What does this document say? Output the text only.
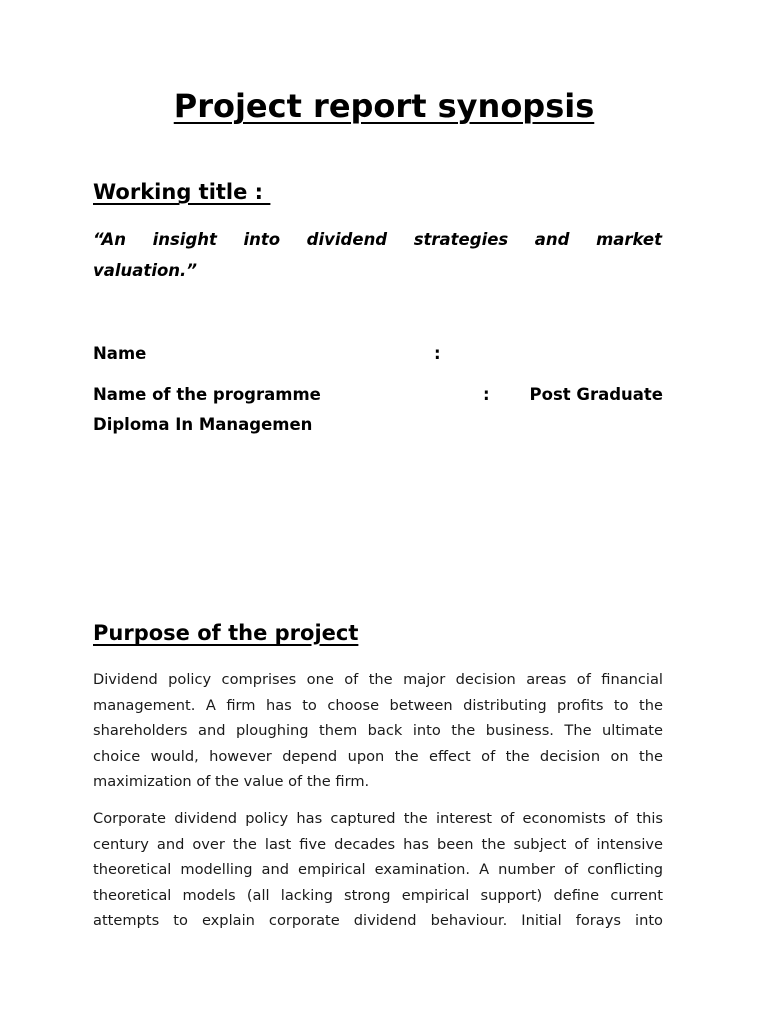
Project report synopsis
Working title :

“An insight into dividend strategies and market
valuation.”

Name	:
Name of the programme	: Post Graduate
Diploma In Managemen
Purpose of the project

Dividend policy comprises one of the major decision areas of financial
management. A firm has to choose between distributing profits to the
shareholders and ploughing them back into the business. The ultimate
choice would, however depend upon the effect of the decision on the
maximization of the value of the firm.

Corporate dividend policy has captured the interest of economists of this
century and over the last five decades has been the subject of intensive
theoretical modelling and empirical examination. A number of conflicting
theoretical models (all lacking strong empirical support) define current
attempts to explain corporate dividend behaviour. Initial forays into
